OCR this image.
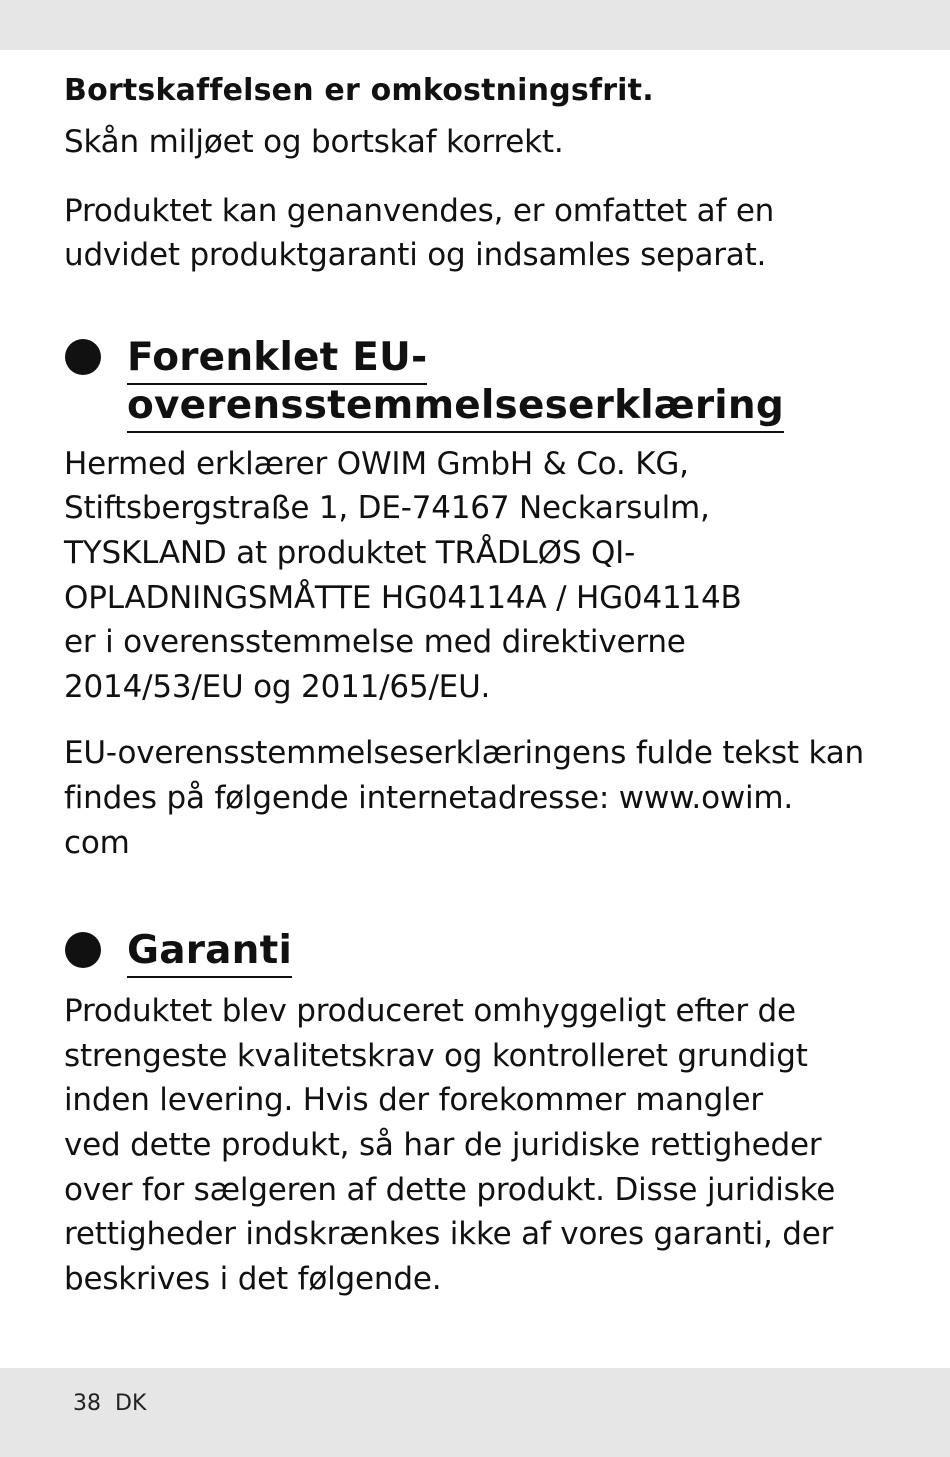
Bortskaffelsen er omkostningsfrit.

Skån miljøet og bortskaf korrekt.

Produktet kan genanvendes, er omfattet af en
udvidet produktgaranti og indsamles separat.

Forenklet EU-
overensstemmelseserklæring

Hermed erklærer OWIM GmbH & Co. KG,
Stiftsbergstraße 1, DE-74167 Neckarsulm,
TYSKLAND at produktet TRÅDLØS QI-
OPLADNINGSMÅTTE HG04114A / HG04114B
er i overensstemmelse med direktiverne
2014/53/EU og 2011/65/EU.

EU-overensstemmelseserklæringens fulde tekst kan
findes på følgende internetadresse: www.owim.
com

Garanti

Produktet blev produceret omhyggeligt efter de
strengeste kvalitetskrav og kontrolleret grundigt
inden levering. Hvis der forekommer mangler
ved dette produkt, så har de juridiske rettigheder
over for sælgeren af dette produkt. Disse juridiske
rettigheder indskrænkes ikke af vores garanti, der
beskrives i det følgende.

38 DK
